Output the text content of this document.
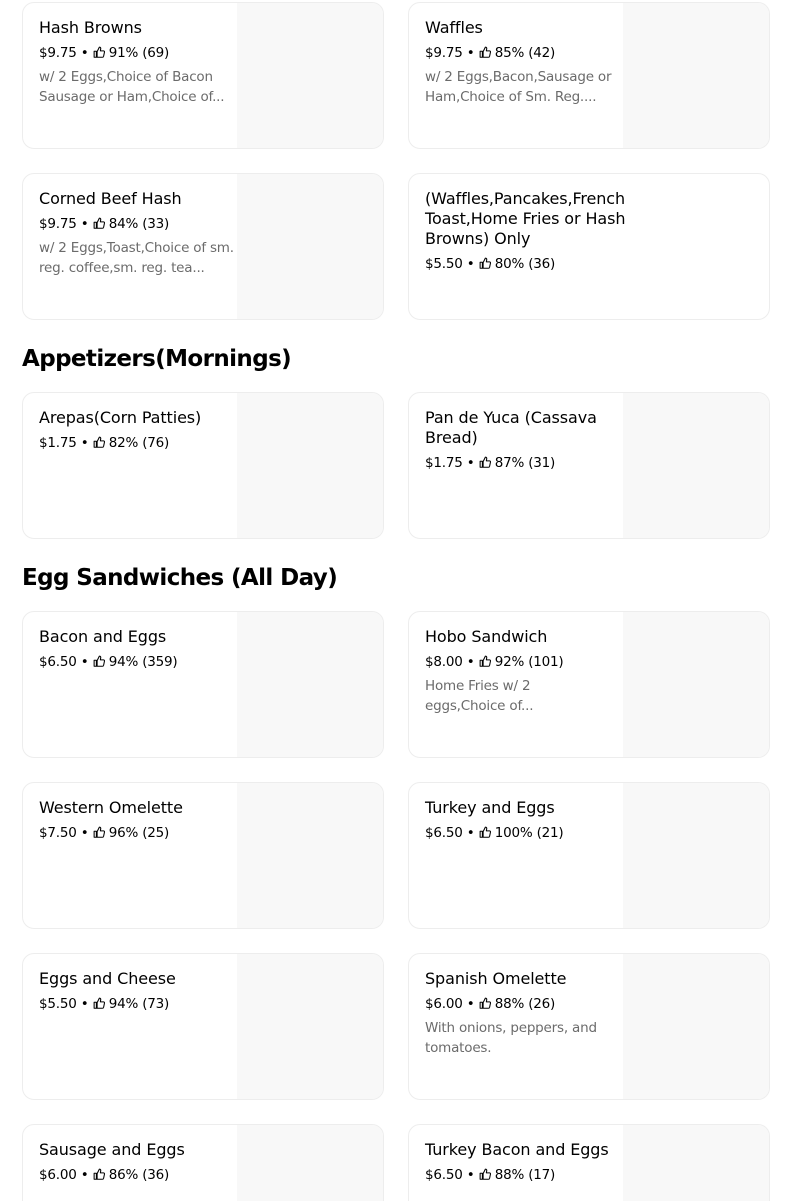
Hash Browns
$9.75 • 91% (69)
w/ 2 Eggs,Choice of Bacon Sausage or Ham,Choice of...
Waffles
$9.75 • 85% (42)
w/ 2 Eggs,Bacon,Sausage or Ham,Choice of Sm. Reg....
Corned Beef Hash
$9.75 • 84% (33)
w/ 2 Eggs,Toast,Choice of sm. reg. coffee,sm. reg. tea...
(Waffles,Pancakes,French Toast,Home Fries or Hash Browns) Only
$5.50 • 80% (36)
Appetizers(Mornings)
Arepas(Corn Patties)
$1.75 • 82% (76)
Pan de Yuca (Cassava Bread)
$1.75 • 87% (31)
Egg Sandwiches (All Day)
Bacon and Eggs
$6.50 • 94% (359)
Hobo Sandwich
$8.00 • 92% (101)
Home Fries w/ 2 eggs,Choice of...
Western Omelette
$7.50 • 96% (25)
Turkey and Eggs
$6.50 • 100% (21)
Eggs and Cheese
$5.50 • 94% (73)
Spanish Omelette
$6.00 • 88% (26)
With onions, peppers, and tomatoes.
Sausage and Eggs
$6.00 • 86% (36)
Turkey Bacon and Eggs
$6.50 • 88% (17)
